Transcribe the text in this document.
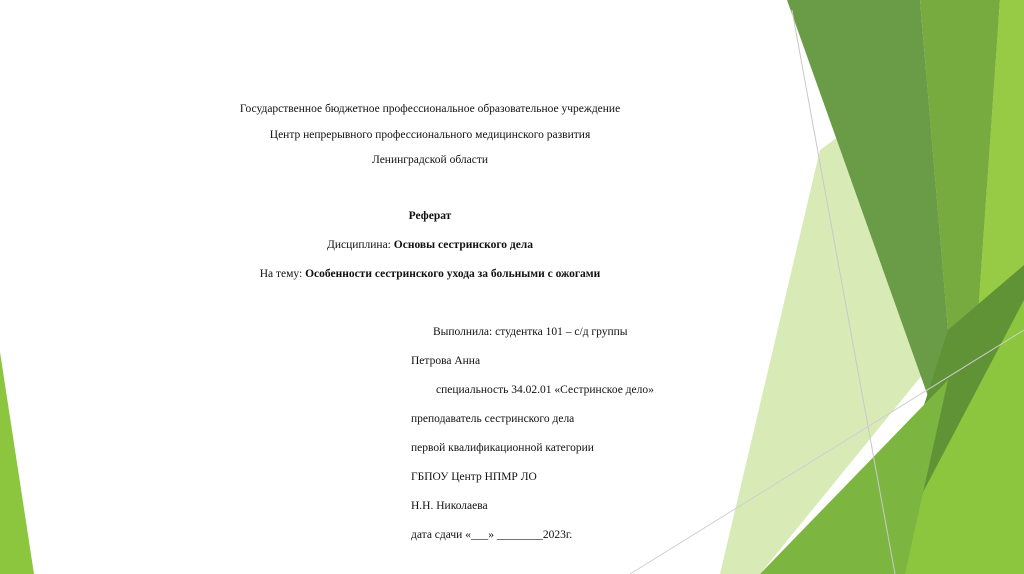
Государственное бюджетное профессиональное образовательное учреждение
Центр непрерывного профессионального медицинского развития
Ленинградской области
Реферат
Дисциплина: Основы сестринского дела
На тему: Особенности сестринского ухода за больными с ожогами
Выполнила: студентка 101 – с/д группы
Петрова Анна
специальность 34.02.01 «Сестринское дело»
преподаватель сестринского дела
первой квалификационной категории
ГБПОУ Центр НПМР ЛО
Н.Н. Николаева
дата сдачи «___» ________2023г.
